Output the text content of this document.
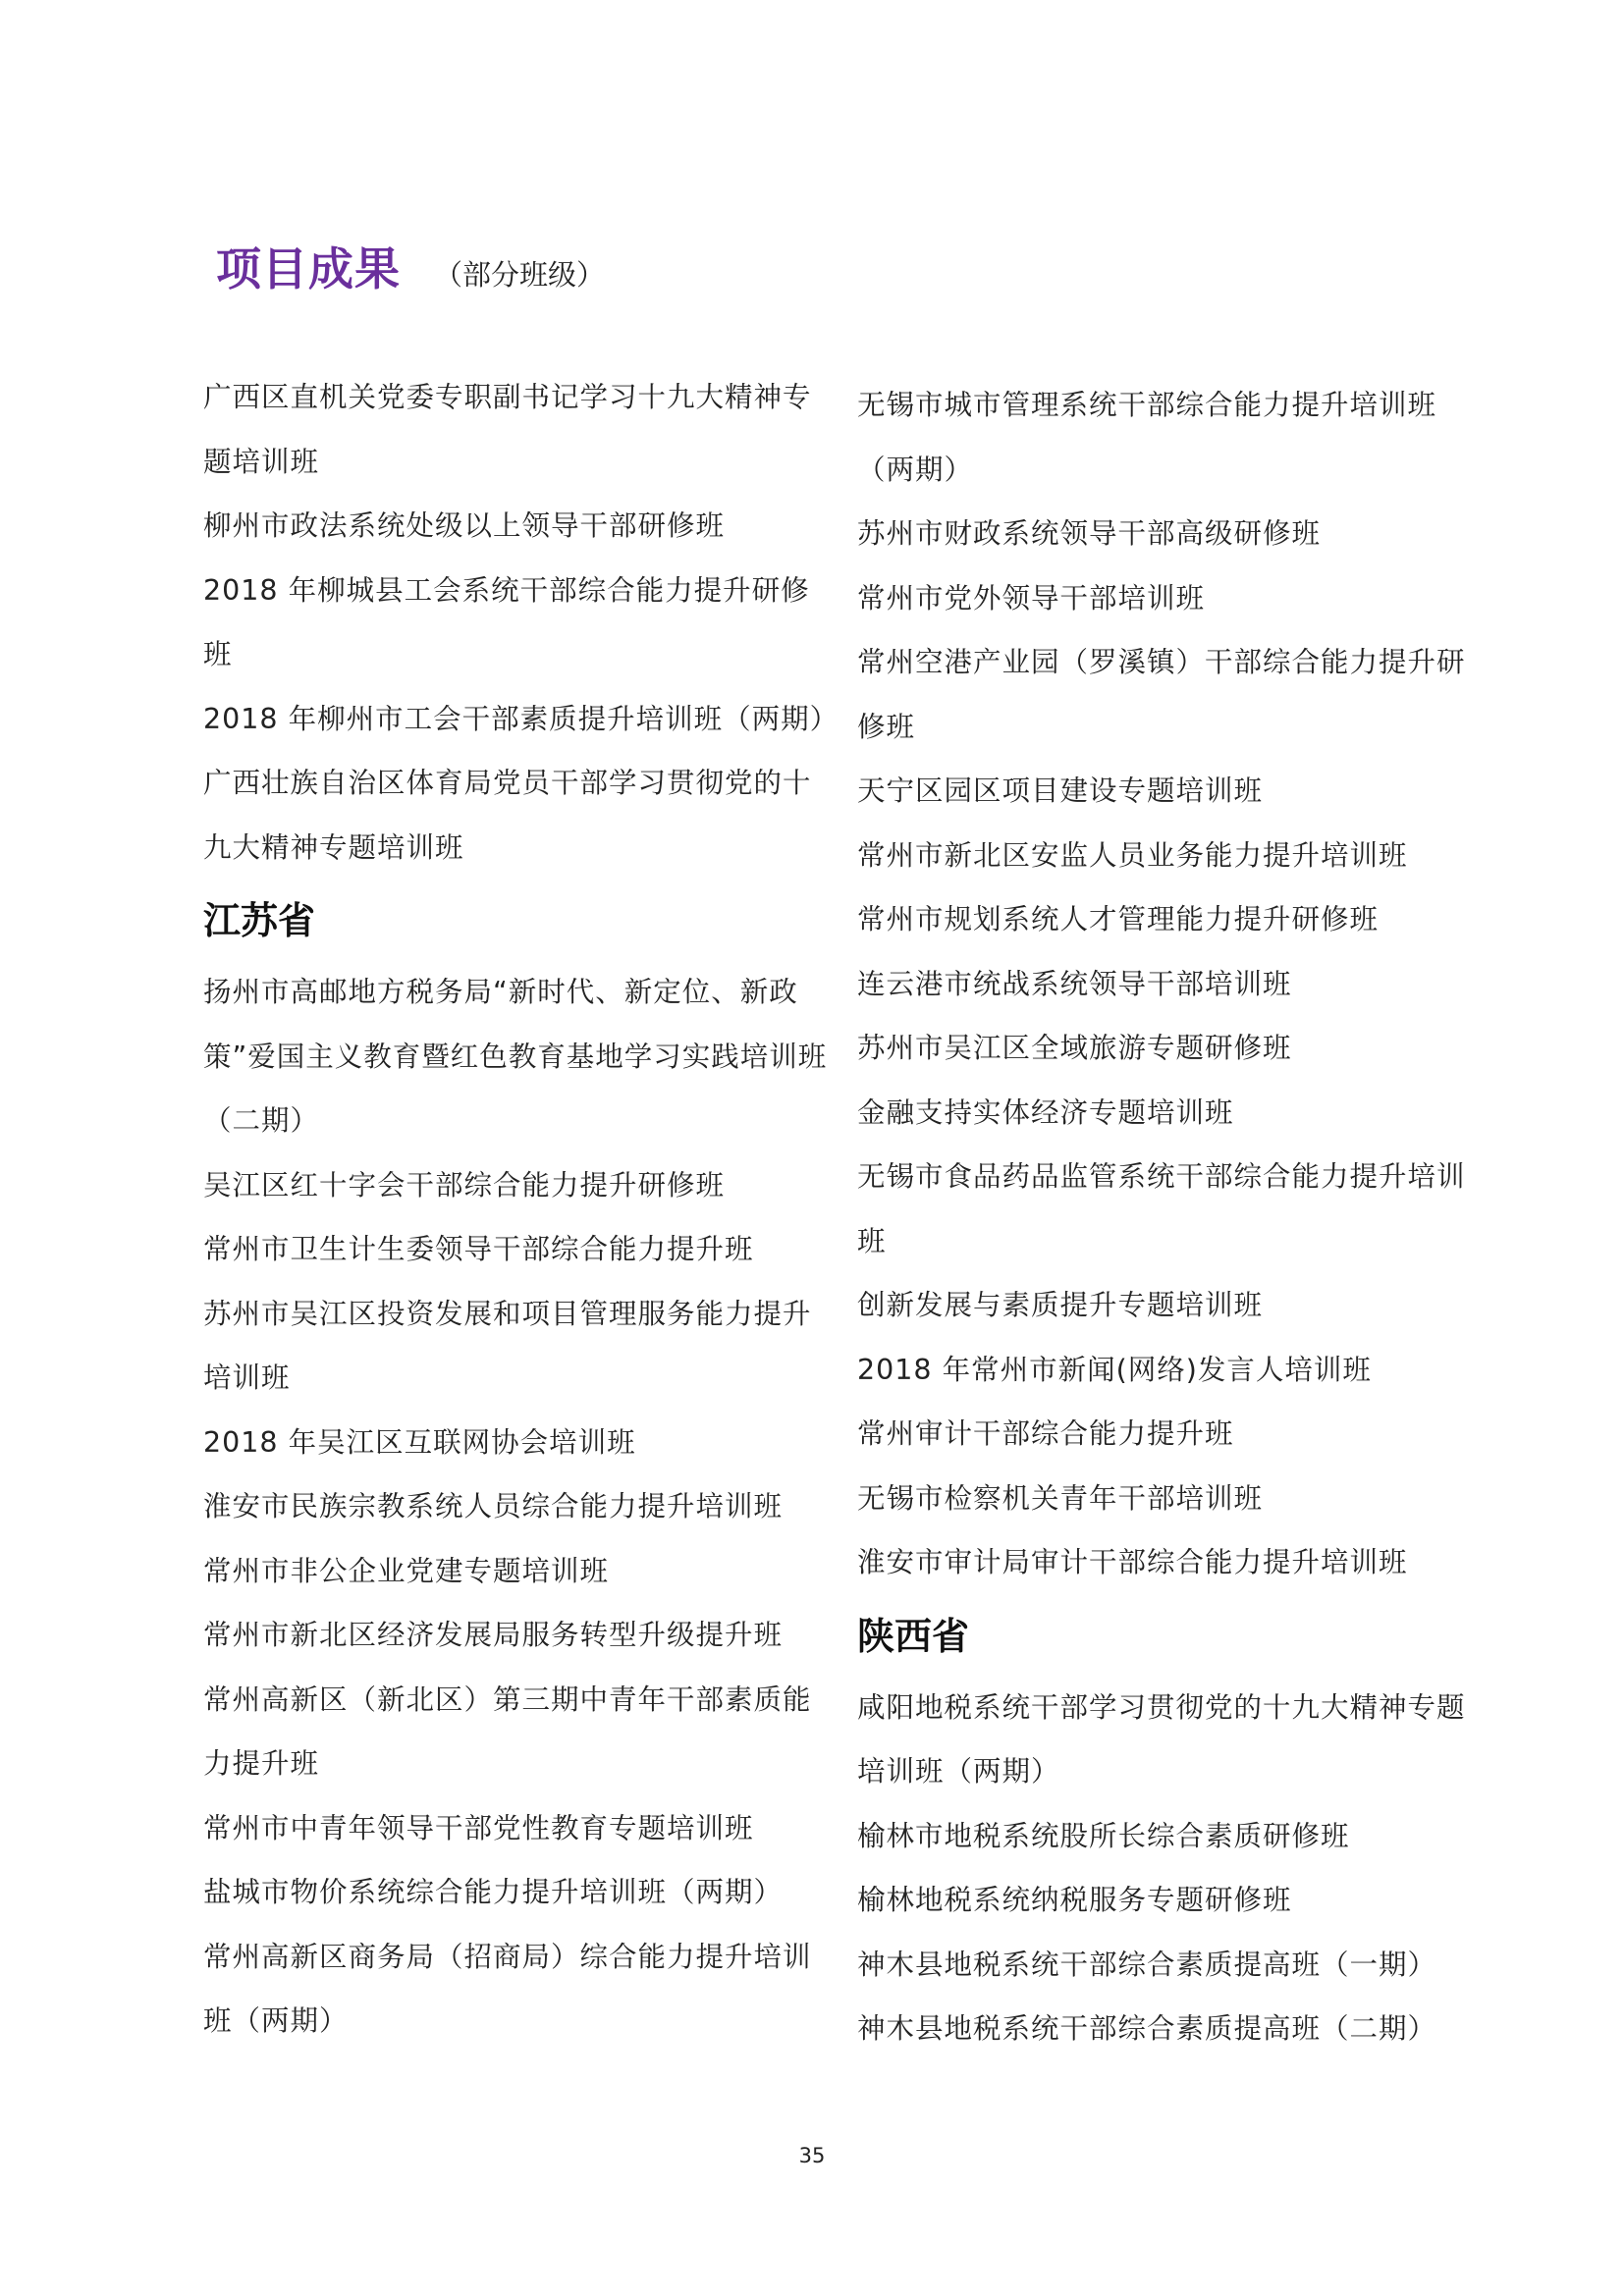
项目成果 （部分班级）
广西区直机关党委专职副书记学习十九大精神专题培训班
柳州市政法系统处级以上领导干部研修班
2018 年柳城县工会系统干部综合能力提升研修班
2018 年柳州市工会干部素质提升培训班（两期）
广西壮族自治区体育局党员干部学习贯彻党的十九大精神专题培训班
江苏省
扬州市高邮地方税务局“新时代、新定位、新政策”爱国主义教育暨红色教育基地学习实践培训班（二期）
吴江区红十字会干部综合能力提升研修班
常州市卫生计生委领导干部综合能力提升班
苏州市吴江区投资发展和项目管理服务能力提升培训班
2018 年吴江区互联网协会培训班
淮安市民族宗教系统人员综合能力提升培训班
常州市非公企业党建专题培训班
常州市新北区经济发展局服务转型升级提升班
常州高新区（新北区）第三期中青年干部素质能力提升班
常州市中青年领导干部党性教育专题培训班
盐城市物价系统综合能力提升培训班（两期）
常州高新区商务局（招商局）综合能力提升培训班（两期）
无锡市城市管理系统干部综合能力提升培训班（两期）
苏州市财政系统领导干部高级研修班
常州市党外领导干部培训班
常州空港产业园（罗溪镇）干部综合能力提升研修班
天宁区园区项目建设专题培训班
常州市新北区安监人员业务能力提升培训班
常州市规划系统人才管理能力提升研修班
连云港市统战系统领导干部培训班
苏州市吴江区全域旅游专题研修班
金融支持实体经济专题培训班
无锡市食品药品监管系统干部综合能力提升培训班
创新发展与素质提升专题培训班
2018 年常州市新闻(网络)发言人培训班
常州审计干部综合能力提升班
无锡市检察机关青年干部培训班
淮安市审计局审计干部综合能力提升培训班
陕西省
咸阳地税系统干部学习贯彻党的十九大精神专题培训班（两期）
榆林市地税系统股所长综合素质研修班
榆林地税系统纳税服务专题研修班
神木县地税系统干部综合素质提高班（一期）
神木县地税系统干部综合素质提高班（二期）
35
